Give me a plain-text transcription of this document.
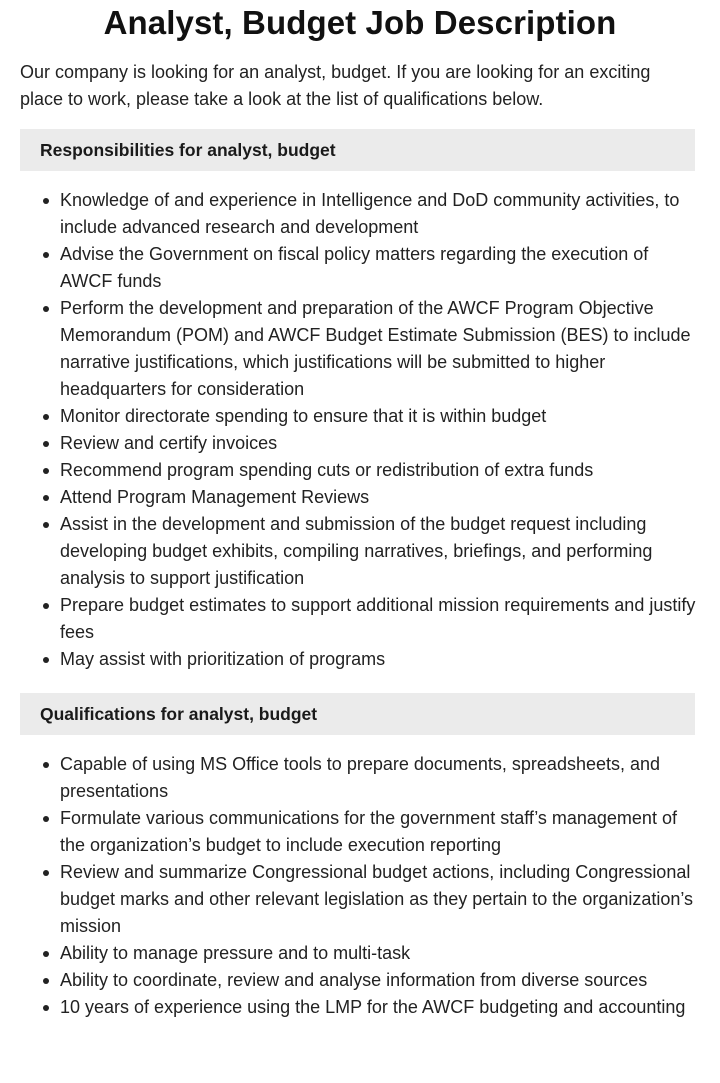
Analyst, Budget Job Description

Our company is looking for an analyst, budget. If you are looking for an exciting place to work, please take a look at the list of qualifications below.

Responsibilities for analyst, budget
Knowledge of and experience in Intelligence and DoD community activities, to include advanced research and development
Advise the Government on fiscal policy matters regarding the execution of AWCF funds
Perform the development and preparation of the AWCF Program Objective Memorandum (POM) and AWCF Budget Estimate Submission (BES) to include narrative justifications, which justifications will be submitted to higher headquarters for consideration
Monitor directorate spending to ensure that it is within budget
Review and certify invoices
Recommend program spending cuts or redistribution of extra funds
Attend Program Management Reviews
Assist in the development and submission of the budget request including developing budget exhibits, compiling narratives, briefings, and performing analysis to support justification
Prepare budget estimates to support additional mission requirements and justify fees
May assist with prioritization of programs
Qualifications for analyst, budget
Capable of using MS Office tools to prepare documents, spreadsheets, and presentations
Formulate various communications for the government staff’s management of the organization’s budget to include execution reporting
Review and summarize Congressional budget actions, including Congressional budget marks and other relevant legislation as they pertain to the organization’s mission
Ability to manage pressure and to multi-task
Ability to coordinate, review and analyse information from diverse sources
10 years of experience using the LMP for the AWCF budgeting and accounting
